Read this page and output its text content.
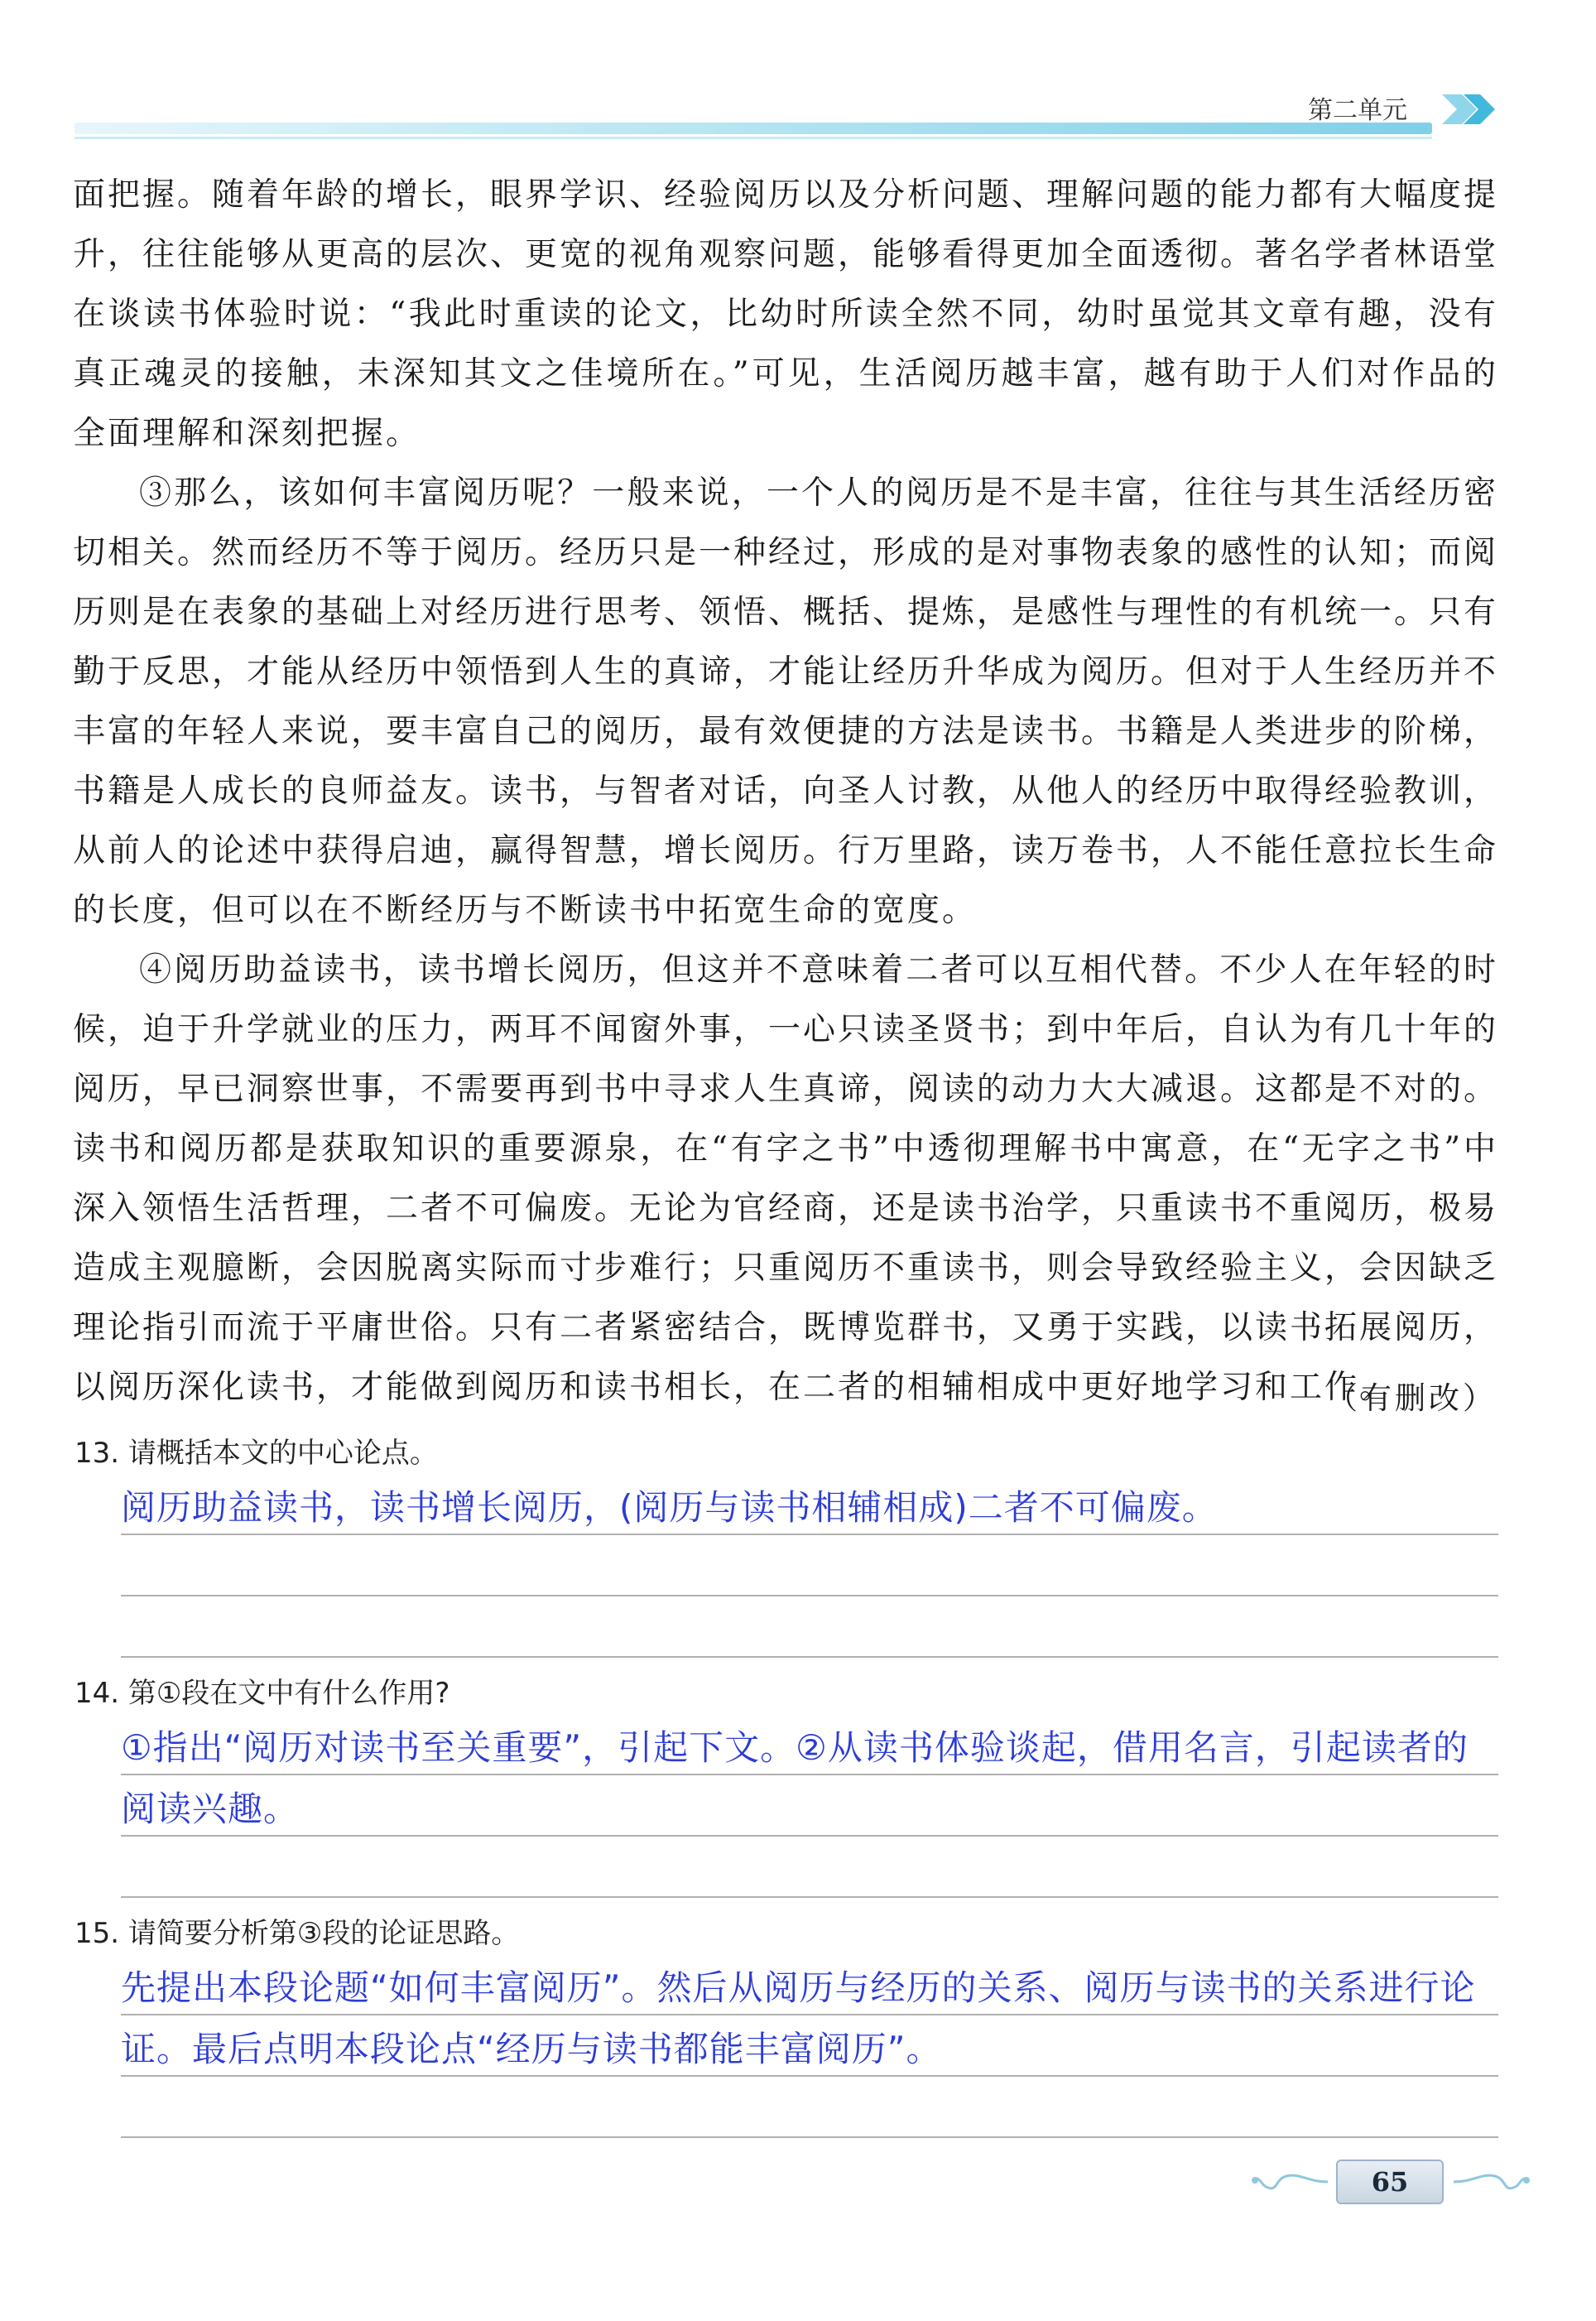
第二单元

面把握。随着年龄的增长，眼界学识、经验阅历以及分析问题、理解问题的能力都有大幅度提升，往往能够从更高的层次、更宽的视角观察问题，能够看得更加全面透彻。著名学者林语堂在谈读书体验时说：“我此时重读的论文，比幼时所读全然不同，幼时虽觉其文章有趣，没有真正魂灵的接触，未深知其文之佳境所在。”可见，生活阅历越丰富，越有助于人们对作品的全面理解和深刻把握。

③那么，该如何丰富阅历呢？一般来说，一个人的阅历是不是丰富，往往与其生活经历密切相关。然而经历不等于阅历。经历只是一种经过，形成的是对事物表象的感性的认知；而阅历则是在表象的基础上对经历进行思考、领悟、概括、提炼，是感性与理性的有机统一。只有勤于反思，才能从经历中领悟到人生的真谛，才能让经历升华成为阅历。但对于人生经历并不丰富的年轻人来说，要丰富自己的阅历，最有效便捷的方法是读书。书籍是人类进步的阶梯，书籍是人成长的良师益友。读书，与智者对话，向圣人讨教，从他人的经历中取得经验教训，从前人的论述中获得启迪，赢得智慧，增长阅历。行万里路，读万卷书，人不能任意拉长生命的长度，但可以在不断经历与不断读书中拓宽生命的宽度。

④阅历助益读书，读书增长阅历，但这并不意味着二者可以互相代替。不少人在年轻的时候，迫于升学就业的压力，两耳不闻窗外事，一心只读圣贤书；到中年后，自认为有几十年的阅历，早已洞察世事，不需要再到书中寻求人生真谛，阅读的动力大大减退。这都是不对的。读书和阅历都是获取知识的重要源泉，在“有字之书”中透彻理解书中寓意，在“无字之书”中深入领悟生活哲理，二者不可偏废。无论为官经商，还是读书治学，只重读书不重阅历，极易造成主观臆断，会因脱离实际而寸步难行；只重阅历不重读书，则会导致经验主义，会因缺乏理论指引而流于平庸世俗。只有二者紧密结合，既博览群书，又勇于实践，以读书拓展阅历，以阅历深化读书，才能做到阅历和读书相长，在二者的相辅相成中更好地学习和工作。

（有删改）
13. 请概括本文的中心论点。
阅历助益读书，读书增长阅历，(阅历与读书相辅相成)二者不可偏废。
14. 第①段在文中有什么作用?
①指出“阅历对读书至关重要”，引起下文。②从读书体验谈起，借用名言，引起读者的阅读兴趣。
15. 请简要分析第③段的论证思路。
先提出本段论题“如何丰富阅历”。然后从阅历与经历的关系、阅历与读书的关系进行论证。最后点明本段论点“经历与读书都能丰富阅历”。
65
